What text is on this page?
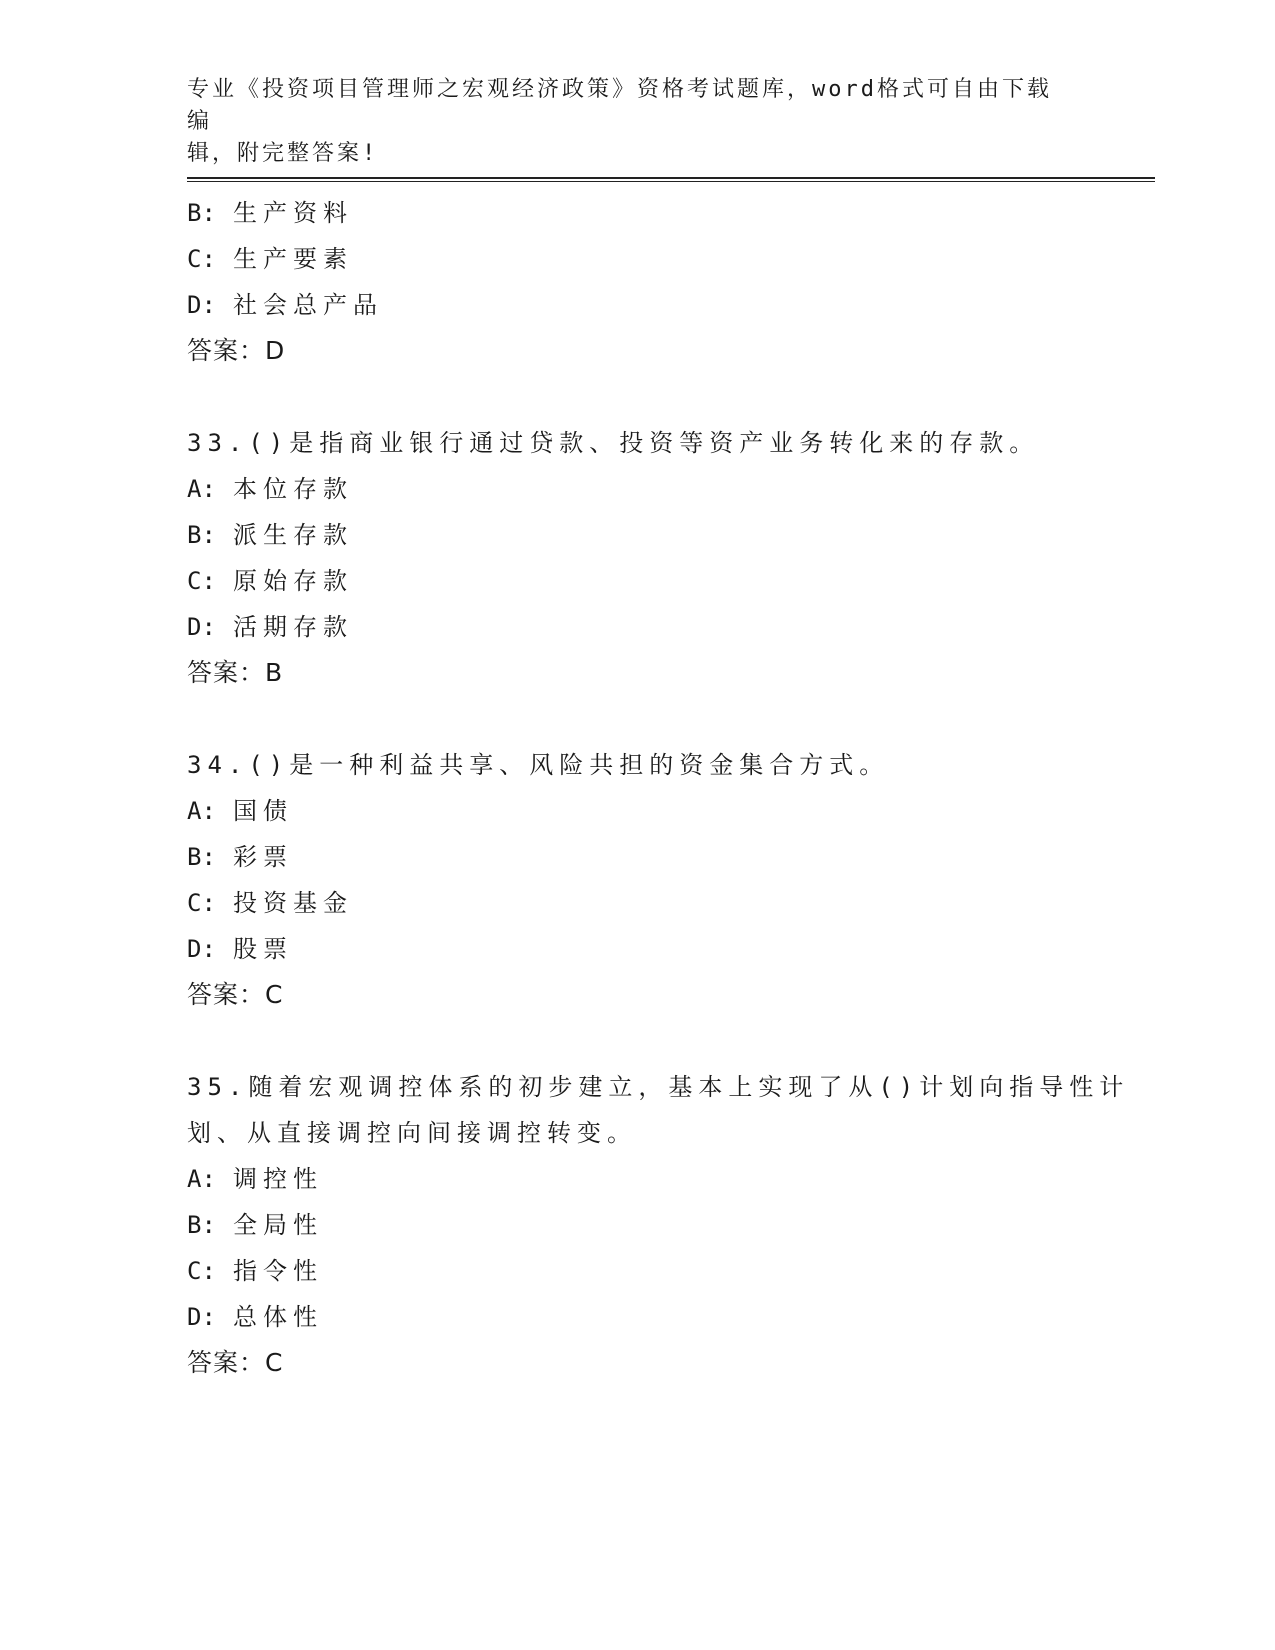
专业《投资项目管理师之宏观经济政策》资格考试题库，word格式可自由下载编
辑，附完整答案!
B: 生产资料
C: 生产要素
D: 社会总产品
答案：D
33.()是指商业银行通过贷款、投资等资产业务转化来的存款。
A: 本位存款
B: 派生存款
C: 原始存款
D: 活期存款
答案：B
34.()是一种利益共享、风险共担的资金集合方式。
A: 国债
B: 彩票
C: 投资基金
D: 股票
答案：C
35.随着宏观调控体系的初步建立，基本上实现了从()计划向指导性计
划、从直接调控向间接调控转变。
A: 调控性
B: 全局性
C: 指令性
D: 总体性
答案：C
